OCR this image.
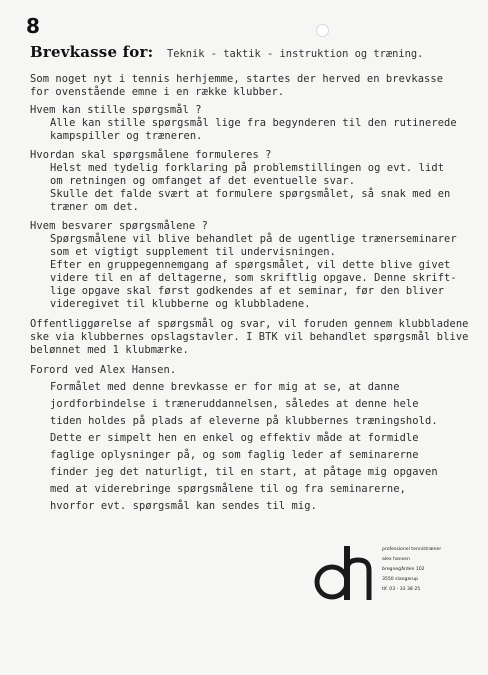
8
Brevkasse for: Teknik - taktik - instruktion og træning.
Som noget nyt i tennis herhjemme, startes der herved en brevkasse
for ovenstående emne i en række klubber.
Hvem kan stille spørgsmål ?
Alle kan stille spørgsmål lige fra begynderen til den rutinerede
kampspiller og træneren.
Hvordan skal spørgsmålene formuleres ?
Helst med tydelig forklaring på problemstillingen og evt. lidt
om retningen og omfanget af det eventuelle svar.
Skulle det falde svært at formulere spørgsmålet, så snak med en
træner om det.
Hvem besvarer spørgsmålene ?
Spørgsmålene vil blive behandlet på de ugentlige trænerseminarer
som et vigtigt supplement til undervisningen.
Efter en gruppegennemgang af spørgsmålet, vil dette blive givet
videre til en af deltagerne, som skriftlig opgave. Denne skrift-
lige opgave skal først godkendes af et seminar, før den bliver
videregivet til klubberne og klubbladene.
Offentliggørelse af spørgsmål og svar, vil foruden gennem klubbladene
ske via klubbernes opslagstavler. I BTK vil behandlet spørgsmål blive
belønnet med 1 klubmærke.
Forord ved Alex Hansen.
Formålet med denne brevkasse er for mig at se, at danne
jordforbindelse i træneruddannelsen, således at denne hele
tiden holdes på plads af eleverne på klubbernes træningshold.
Dette er simpelt hen en enkel og effektiv måde at formidle
faglige oplysninger på, og som faglig leder af seminarerne
finder jeg det naturligt, til en start, at påtage mig opgaven
med at viderebringe spørgsmålene til og fra seminarerne,
hvorfor evt. spørgsmål kan sendes til mig.
professionel tennistræner
alex hansen
bregnegården 102
3550 slangerup
tlf. 03 - 33 38 25
